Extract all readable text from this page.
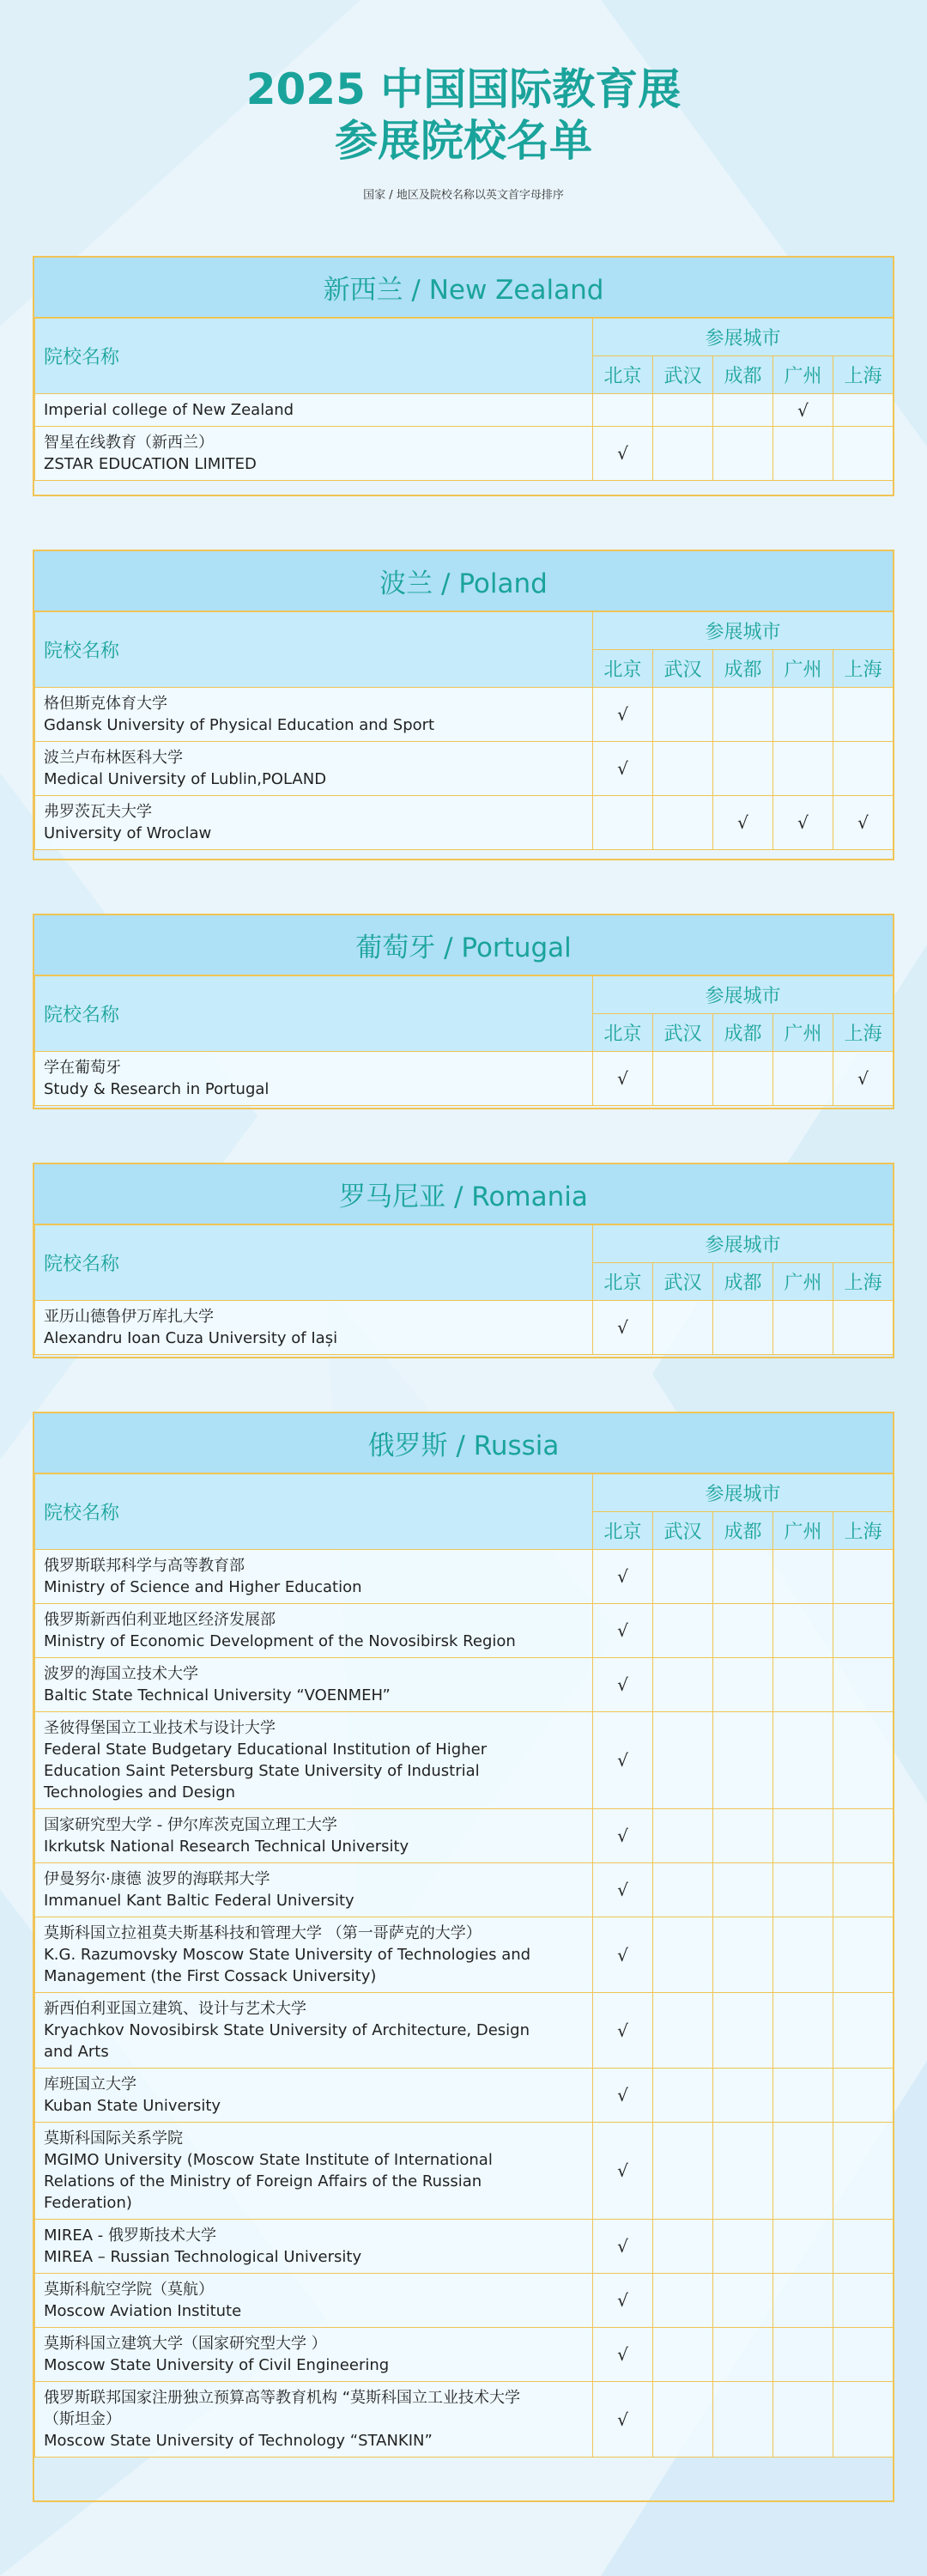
2025 中国国际教育展
参展院校名单
国家 / 地区及院校名称以英文首字母排序
新西兰 / New Zealand
院校名称	参展城市				
	北京	武汉	成都	广州	上海

Imperial college of New Zealand				√	

智星在线教育（新西兰）
ZSTAR EDUCATION LIMITED	√				
波兰 / Poland
院校名称	参展城市				
	北京	武汉	成都	广州	上海

格但斯克体育大学
Gdansk University of Physical Education and Sport	√				

波兰卢布林医科大学
Medical University of Lublin,POLAND	√				

弗罗茨瓦夫大学
University of Wroclaw			√	√	√
葡萄牙 / Portugal
院校名称	参展城市				
	北京	武汉	成都	广州	上海

学在葡萄牙
Study & Research in Portugal	√				√
罗马尼亚 / Romania
院校名称	参展城市				
	北京	武汉	成都	广州	上海

亚历山德鲁伊万库扎大学
Alexandru Ioan Cuza University of Iași	√				
俄罗斯 / Russia
院校名称	参展城市				
	北京	武汉	成都	广州	上海

俄罗斯联邦科学与高等教育部
Ministry of Science and Higher Education	√				

俄罗斯新西伯利亚地区经济发展部
Ministry of Economic Development of the Novosibirsk Region	√				

波罗的海国立技术大学
Baltic State Technical University “VOENMEH”	√				

圣彼得堡国立工业技术与设计大学
Federal State Budgetary Educational Institution of Higher
Education Saint Petersburg State University of Industrial
Technologies and Design	√				

国家研究型大学 - 伊尔库茨克国立理工大学
Ikrkutsk National Research Technical University	√				

伊曼努尔·康德 波罗的海联邦大学
Immanuel Kant Baltic Federal University	√				

莫斯科国立拉祖莫夫斯基科技和管理大学 （第一哥萨克的大学）
K.G. Razumovsky Moscow State University of Technologies and
Management (the First Cossack University)	√				

新西伯利亚国立建筑、设计与艺术大学
Kryachkov Novosibirsk State University of Architecture, Design
and Arts	√				

库班国立大学
Kuban State University	√				

莫斯科国际关系学院
MGIMO University (Moscow State Institute of International
Relations of the Ministry of Foreign Affairs of the Russian
Federation)	√				

MIREA - 俄罗斯技术大学
MIREA – Russian Technological University	√				

莫斯科航空学院（莫航）
Moscow Aviation Institute	√				

莫斯科国立建筑大学（国家研究型大学 ）
Moscow State University of Civil Engineering	√				

俄罗斯联邦国家注册独立预算高等教育机构 “莫斯科国立工业技术大学
（斯坦金）
Moscow State University of Technology “STANKIN”	√				
